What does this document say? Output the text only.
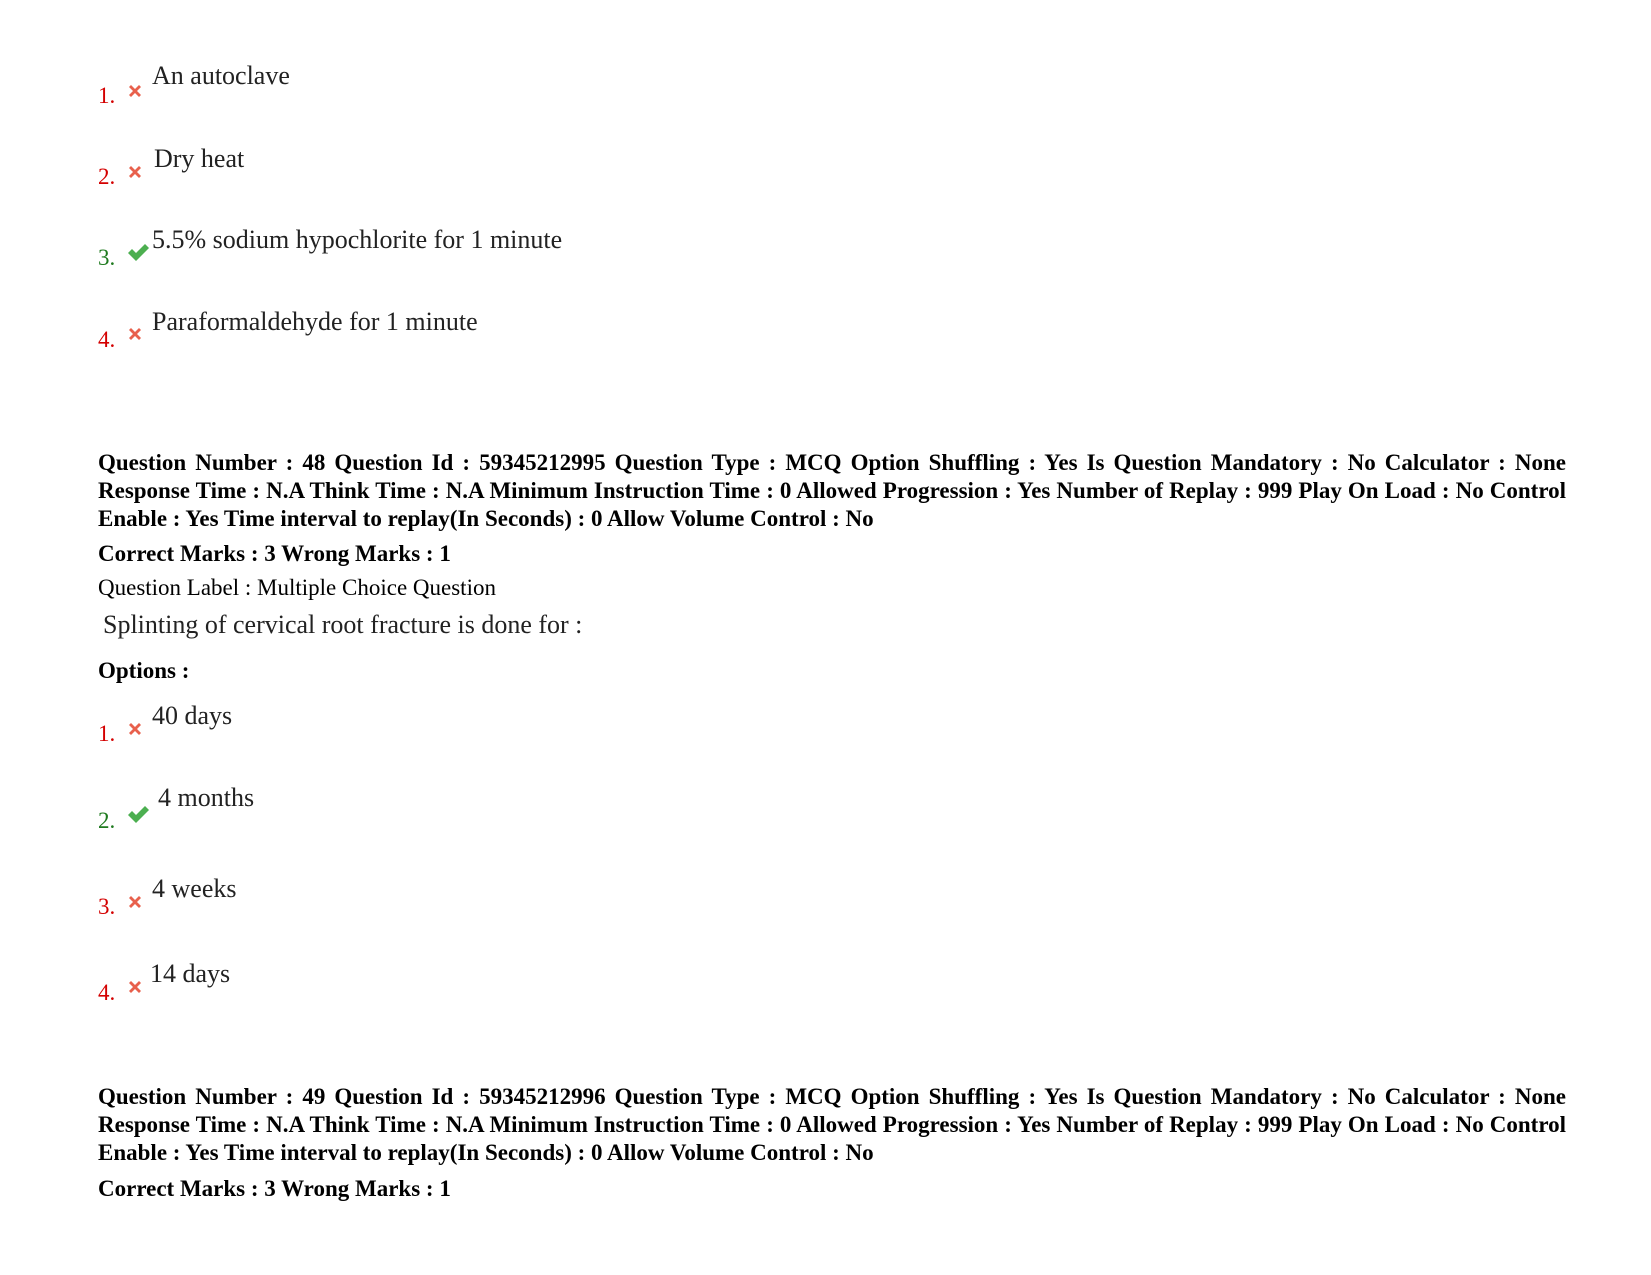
1.
An autoclave
2.
Dry heat
3.
5.5% sodium hypochlorite for 1 minute
4.
Paraformaldehyde for 1 minute
Question Number : 48 Question Id : 59345212995 Question Type : MCQ Option Shuffling : Yes Is Question Mandatory : No Calculator : None Response Time : N.A Think Time : N.A Minimum Instruction Time : 0 Allowed Progression : Yes Number of Replay : 999 Play On Load : No Control Enable : Yes Time interval to replay(In Seconds) : 0 Allow Volume Control : No
Correct Marks : 3 Wrong Marks : 1
Question Label : Multiple Choice Question
Splinting of cervical root fracture is done for :
Options :
1.
40 days
2.
4 months
3.
4 weeks
4.
14 days
Question Number : 49 Question Id : 59345212996 Question Type : MCQ Option Shuffling : Yes Is Question Mandatory : No Calculator : None Response Time : N.A Think Time : N.A Minimum Instruction Time : 0 Allowed Progression : Yes Number of Replay : 999 Play On Load : No Control Enable : Yes Time interval to replay(In Seconds) : 0 Allow Volume Control : No
Correct Marks : 3 Wrong Marks : 1
